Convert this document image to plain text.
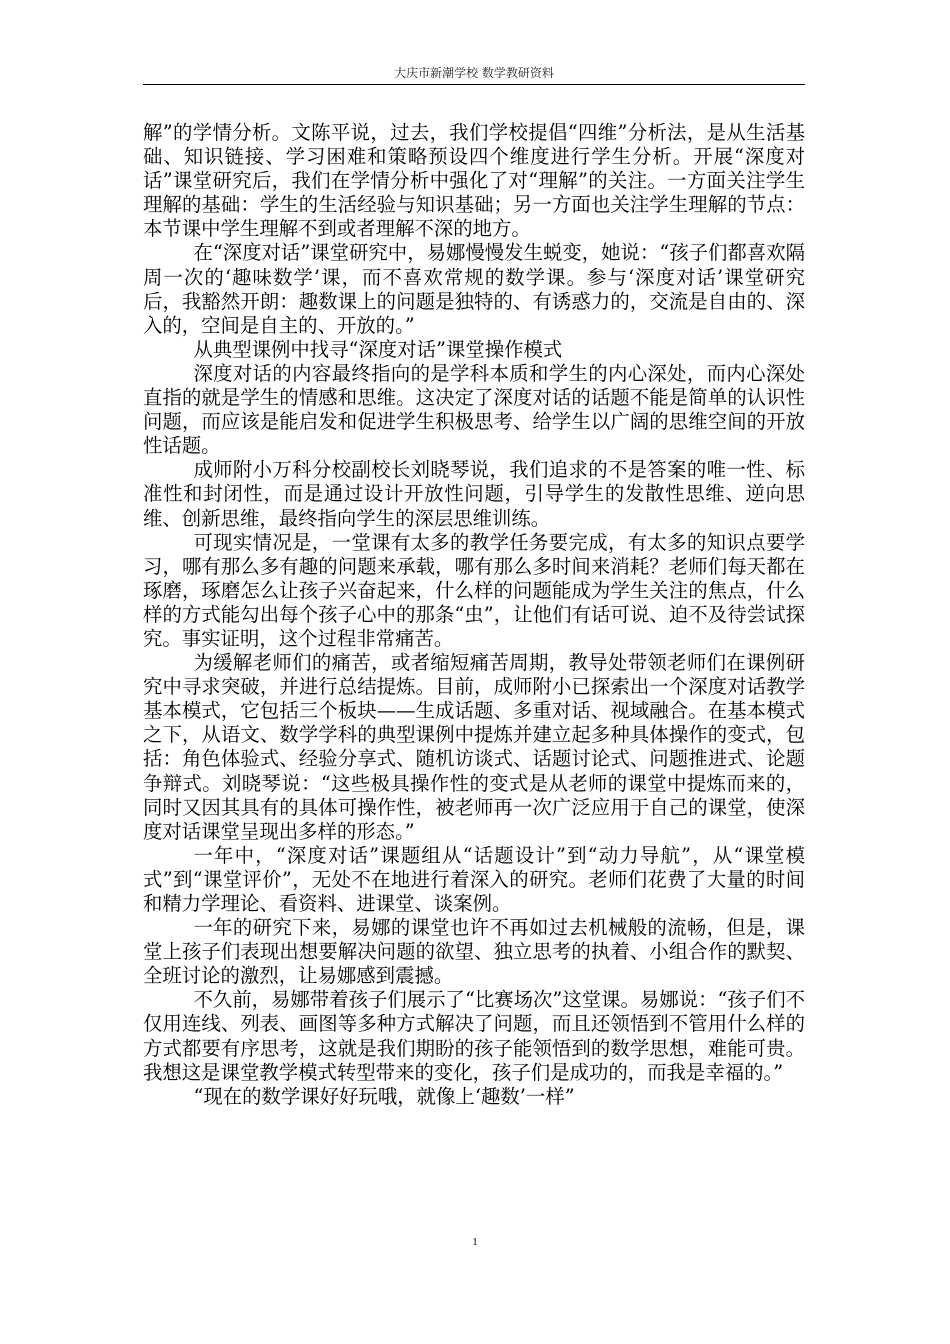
大庆市新潮学校 数学教研资料

解”的学情分析。文陈平说，过去，我们学校提倡“四维”分析法，是从生活基础、知识链接、学习困难和策略预设四个维度进行学生分析。开展“深度对话”课堂研究后，我们在学情分析中强化了对“理解”的关注。一方面关注学生理解的基础：学生的生活经验与知识基础；另一方面也关注学生理解的节点：本节课中学生理解不到或者理解不深的地方。

在“深度对话”课堂研究中，易娜慢慢发生蜕变，她说：“孩子们都喜欢隔周一次的‘趣味数学’课，而不喜欢常规的数学课。参与‘深度对话’课堂研究后，我豁然开朗：趣数课上的问题是独特的、有诱惑力的，交流是自由的、深入的，空间是自主的、开放的。”

从典型课例中找寻“深度对话”课堂操作模式

深度对话的内容最终指向的是学科本质和学生的内心深处，而内心深处直指的就是学生的情感和思维。这决定了深度对话的话题不能是简单的认识性问题，而应该是能启发和促进学生积极思考、给学生以广阔的思维空间的开放性话题。

成师附小万科分校副校长刘晓琴说，我们追求的不是答案的唯一性、标准性和封闭性，而是通过设计开放性问题，引导学生的发散性思维、逆向思维、创新思维，最终指向学生的深层思维训练。

可现实情况是，一堂课有太多的教学任务要完成，有太多的知识点要学习，哪有那么多有趣的问题来承载，哪有那么多时间来消耗？老师们每天都在琢磨，琢磨怎么让孩子兴奋起来，什么样的问题能成为学生关注的焦点，什么样的方式能勾出每个孩子心中的那条“虫”，让他们有话可说、迫不及待尝试探究。事实证明，这个过程非常痛苦。

为缓解老师们的痛苦，或者缩短痛苦周期，教导处带领老师们在课例研究中寻求突破，并进行总结提炼。目前，成师附小已探索出一个深度对话教学基本模式，它包括三个板块——生成话题、多重对话、视域融合。在基本模式之下，从语文、数学学科的典型课例中提炼并建立起多种具体操作的变式，包括：角色体验式、经验分享式、随机访谈式、话题讨论式、问题推进式、论题争辩式。刘晓琴说：“这些极具操作性的变式是从老师的课堂中提炼而来的，同时又因其具有的具体可操作性，被老师再一次广泛应用于自己的课堂，使深度对话课堂呈现出多样的形态。”

一年中，“深度对话”课题组从“话题设计”到“动力导航”，从“课堂模式”到“课堂评价”，无处不在地进行着深入的研究。老师们花费了大量的时间和精力学理论、看资料、进课堂、谈案例。

一年的研究下来，易娜的课堂也许不再如过去机械般的流畅，但是，课堂上孩子们表现出想要解决问题的欲望、独立思考的执着、小组合作的默契、全班讨论的激烈，让易娜感到震撼。

不久前，易娜带着孩子们展示了“比赛场次”这堂课。易娜说：“孩子们不仅用连线、列表、画图等多种方式解决了问题，而且还领悟到不管用什么样的方式都要有序思考，这就是我们期盼的孩子能领悟到的数学思想，难能可贵。我想这是课堂教学模式转型带来的变化，孩子们是成功的，而我是幸福的。”

“现在的数学课好好玩哦，就像上‘趣数’一样”

1
